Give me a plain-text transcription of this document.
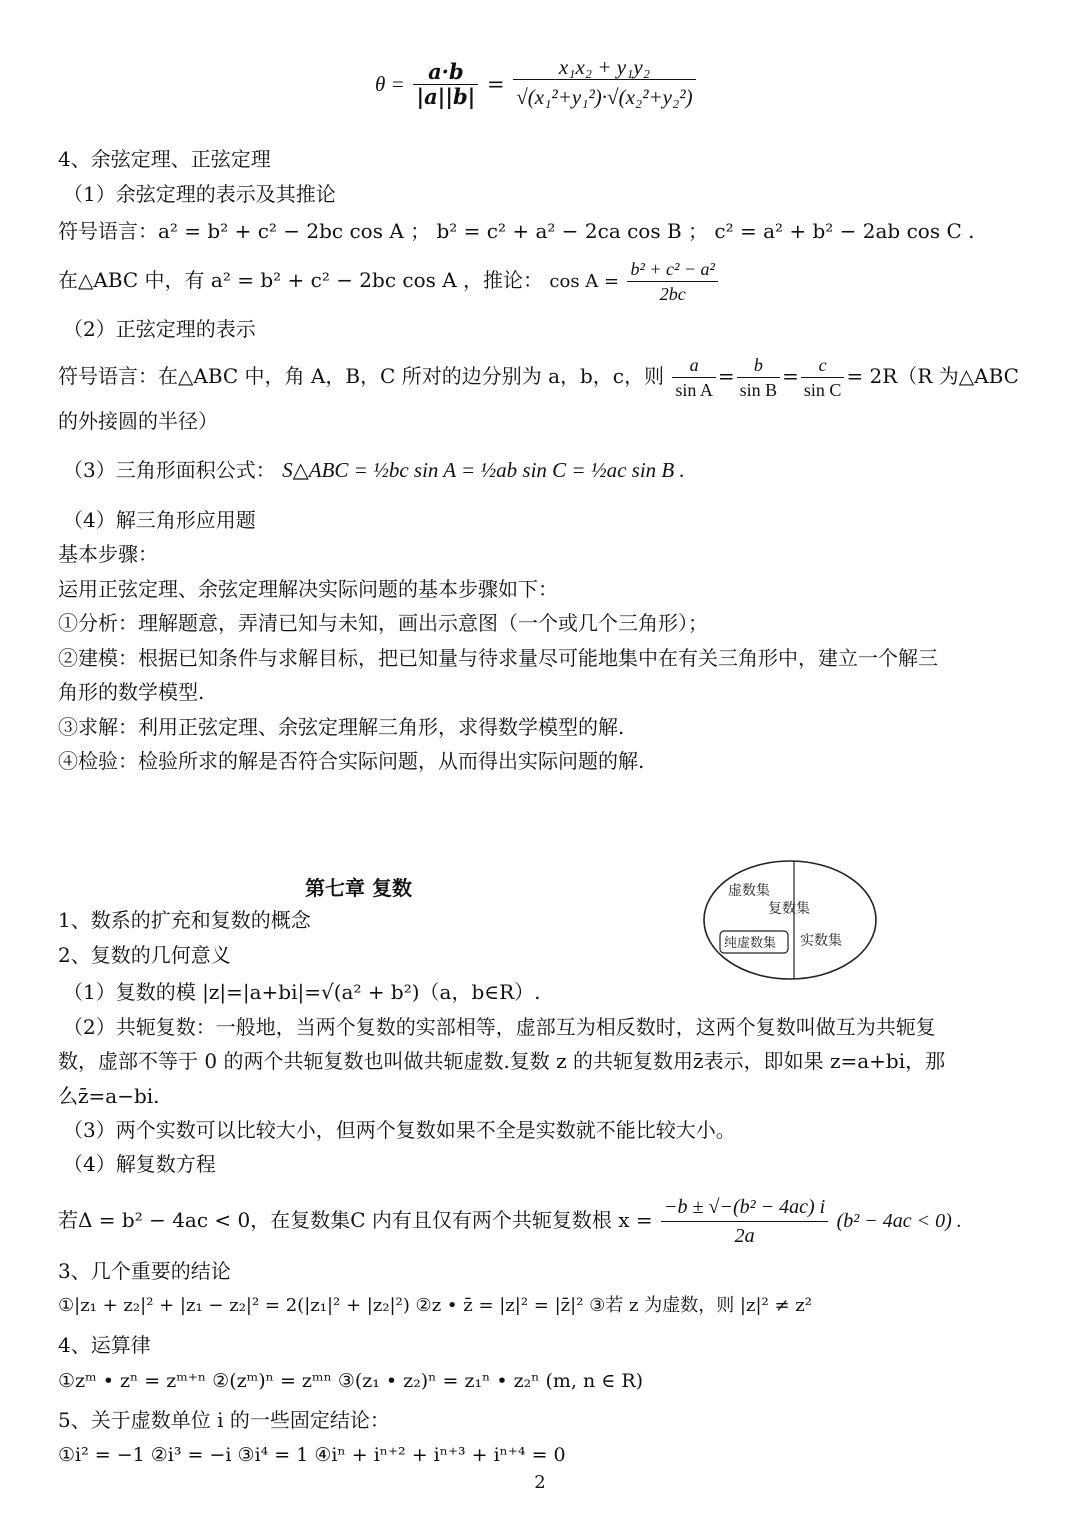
$\theta = \frac{a\cdot b}{|a||b|} = \frac{\text{x₁x₂ + y₁y₂}}{\text{√(x₁²+y₁²)·√(x₂²+y₂²)}}$
4、余弦定理、正弦定理
（1）余弦定理的表示及其推论
符号语言：a² = b² + c² − 2bc cos A ； b² = c² + a² − 2ca cos B ； c² = a² + b² − 2ab cos C .
在△ABC 中，有 a² = b² + c² − 2bc cos A ，推论： $\cos A = \frac{\text{b² + c² − a²}}{2bc}$
（2）正弦定理的表示
符号语言：在△ABC 中，角 A，B，C 所对的边分别为 a，b，c，则 $\frac{a}{\text{sin A}} = \frac{b}{\text{sin B}} = \frac{c}{\text{sin C}} = 2R(R$ 为△ABC
的外接圆的半径）
（3）三角形面积公式： S△ABC = ½bc sin A = ½ab sin C = ½ac sin B .
（4）解三角形应用题
基本步骤：
运用正弦定理、余弦定理解决实际问题的基本步骤如下：
①分析：理解题意，弄清已知与未知，画出示意图（一个或几个三角形）；
②建模：根据已知条件与求解目标，把已知量与待求量尽可能地集中在有关三角形中，建立一个解三
角形的数学模型.
③求解：利用正弦定理、余弦定理解三角形，求得数学模型的解.
④检验：检验所求的解是否符合实际问题，从而得出实际问题的解.
第七章 复数	虚数集
复数集
纯虚数集 实数集
1、数系的扩充和复数的概念
2、复数的几何意义
（1）复数的模 |z|=|a+bi|=√(a² + b²)（a，b∈R）.
（2）共轭复数：一般地，当两个复数的实部相等，虚部互为相反数时，这两个复数叫做互为共轭复
数，虚部不等于 0 的两个共轭复数也叫做共轭虚数.复数 z 的共轭复数用z̄表示，即如果 z=a+bi，那
么z̄=a−bi.
（3）两个实数可以比较大小，但两个复数如果不全是实数就不能比较大小。
（4）解复数方程
若Δ = b² − 4ac < 0，在复数集C 内有且仅有两个共轭复数根 $x = \frac{\text{−b ± √−(b² − 4ac) i}}{2a} (b^2 - 4ac < 0)$ .
3、几个重要的结论
①|z₁ + z₂|² + |z₁ − z₂|² = 2(|z₁|² + |z₂|²) ②z • z̄ = |z|² = |z̄|² ③若 z 为虚数，则 |z|² ≠ z²
4、运算律
①zᵐ • zⁿ = zᵐ⁺ⁿ ②(zᵐ)ⁿ = zᵐⁿ ③(z₁ • z₂)ⁿ = z₁ⁿ • z₂ⁿ (m, n ∈ R)
5、关于虚数单位 i 的一些固定结论：
①i² = −1 ②i³ = −i ③i⁴ = 1 ④iⁿ + iⁿ⁺² + iⁿ⁺³ + iⁿ⁺⁴ = 0
2
